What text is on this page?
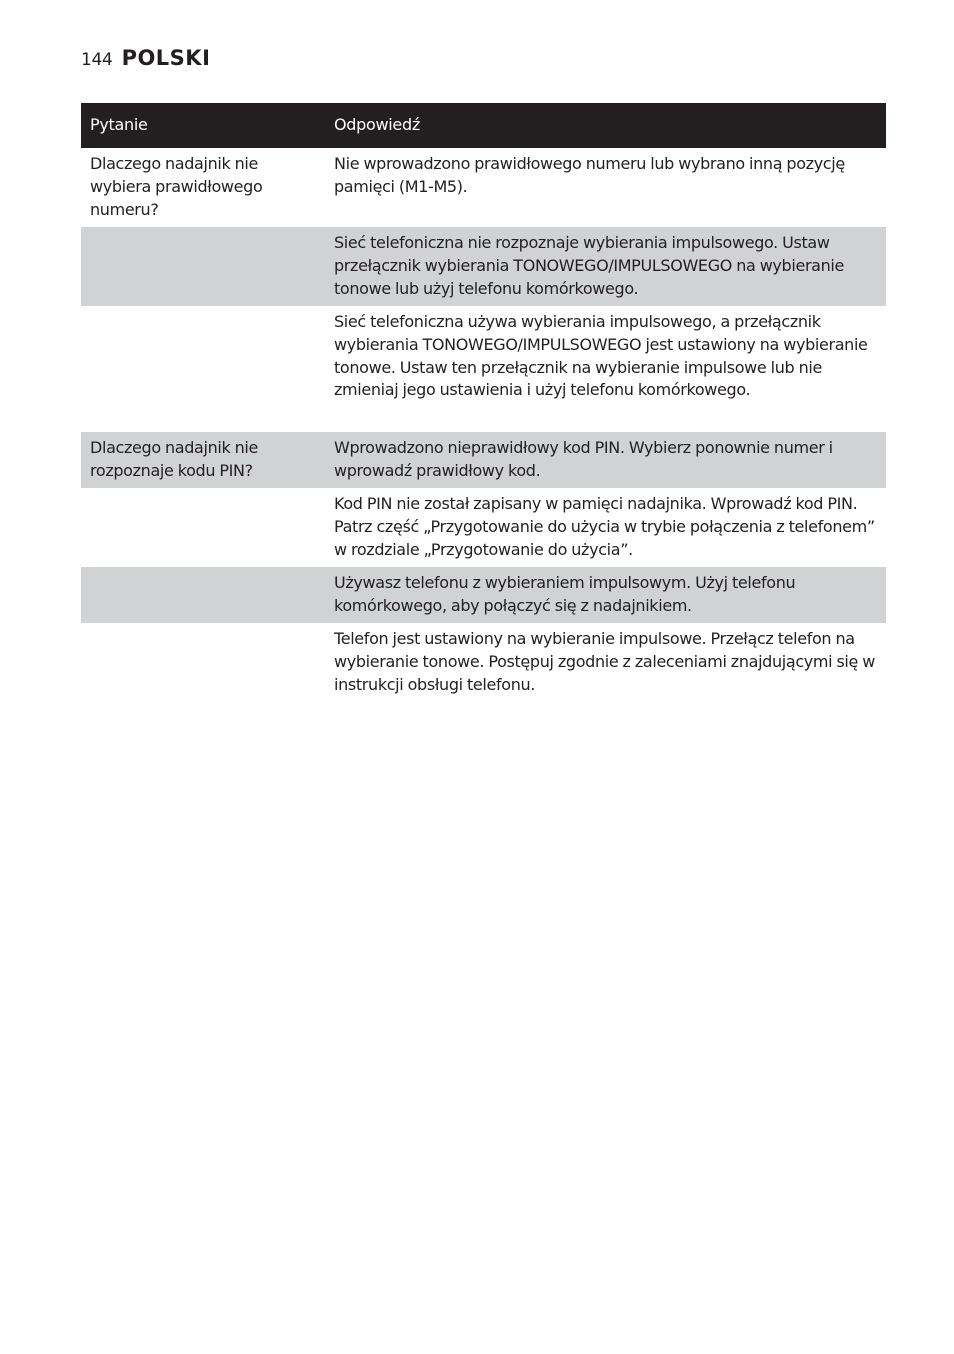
144 POLSKI
Pytanie	Odpowiedź
Dlaczego nadajnik nie wybiera prawidłowego numeru?	Nie wprowadzono prawidłowego numeru lub wybrano inną pozycję pamięci (M1-M5).
	Sieć telefoniczna nie rozpoznaje wybierania impulsowego. Ustaw przełącznik wybierania TONOWEGO/IMPULSOWEGO na wybieranie tonowe lub użyj telefonu komórkowego.
	Sieć telefoniczna używa wybierania impulsowego, a przełącznik wybierania TONOWEGO/IMPULSOWEGO jest ustawiony na wybieranie tonowe. Ustaw ten przełącznik na wybieranie impulsowe lub nie zmieniaj jego ustawienia i użyj telefonu komórkowego.
Dlaczego nadajnik nie rozpoznaje kodu PIN?	Wprowadzono nieprawidłowy kod PIN. Wybierz ponownie numer i wprowadź prawidłowy kod.
	Kod PIN nie został zapisany w pamięci nadajnika. Wprowadź kod PIN. Patrz część „Przygotowanie do użycia w trybie połączenia z telefonem” w rozdziale „Przygotowanie do użycia”.
	Używasz telefonu z wybieraniem impulsowym. Użyj telefonu komórkowego, aby połączyć się z nadajnikiem.
	Telefon jest ustawiony na wybieranie impulsowe. Przełącz telefon na wybieranie tonowe. Postępuj zgodnie z zaleceniami znajdującymi się w instrukcji obsługi telefonu.
